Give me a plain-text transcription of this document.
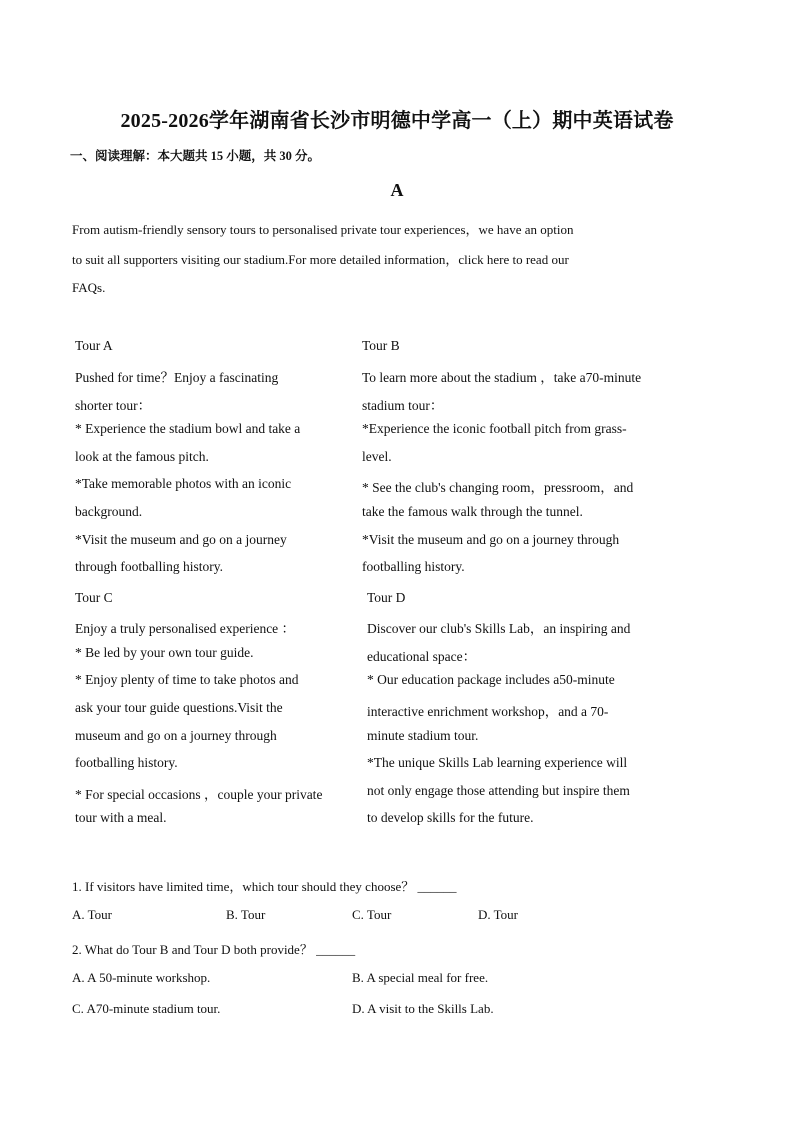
2025-2026学年湖南省长沙市明德中学高一（上）期中英语试卷
一、阅读理解：本大题共 15 小题，共 30 分。
A
From autism-friendly sensory tours to personalised private tour experiences，we have an option
to suit all supporters visiting our stadium.For more detailed information，click here to read our
FAQs.
Tour A
Pushed for time？Enjoy a fascinating
shorter tour：
* Experience the stadium bowl and take a
look at the famous pitch.
*Take memorable photos with an iconic
background.
*Visit the museum and go on a journey
through footballing history.
Tour B
To learn more about the stadium ，take a70-minute
stadium tour：
*Experience the iconic football pitch from grass-
level.
* See the club's changing room，pressroom，and
take the famous walk through the tunnel.
*Visit the museum and go on a journey through
footballing history.
Tour C
Enjoy a truly personalised experience ：
* Be led by your own tour guide.
* Enjoy plenty of time to take photos and
ask your tour guide questions.Visit the
museum and go on a journey through
footballing history.
* For special occasions ，couple your private
tour with a meal.
Tour D
Discover our club's Skills Lab，an inspiring and
educational space：
* Our education package includes a50-minute
interactive enrichment workshop，and a 70-
minute stadium tour.
*The unique Skills Lab learning experience will
not only engage those attending but inspire them
to develop skills for the future.
1. If visitors have limited time，which tour should they choose？ ______
A. Tour	B. Tour	C. Tour	D. Tour
2. What do Tour B and Tour D both provide？ ______
A. A 50-minute workshop.	B. A special meal for free.
C. A70-minute stadium tour.	D. A visit to the Skills Lab.
